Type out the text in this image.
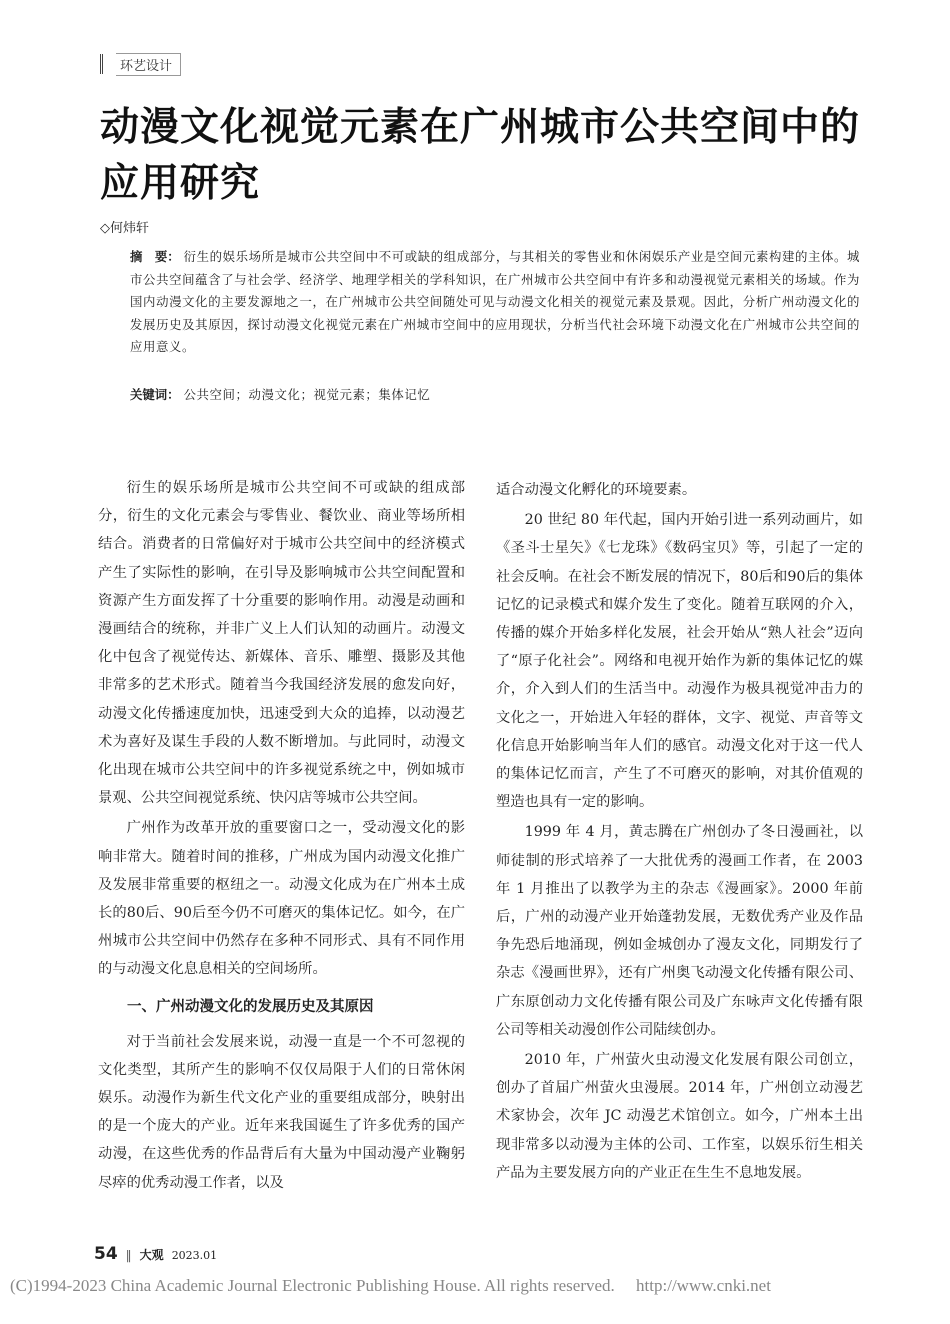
环艺设计
动漫文化视觉元素在广州城市公共空间中的应用研究
◇何炜轩
摘　要： 衍生的娱乐场所是城市公共空间中不可或缺的组成部分，与其相关的零售业和休闲娱乐产业是空间元素构建的主体。城市公共空间蕴含了与社会学、经济学、地理学相关的学科知识，在广州城市公共空间中有许多和动漫视觉元素相关的场域。作为国内动漫文化的主要发源地之一，在广州城市公共空间随处可见与动漫文化相关的视觉元素及景观。因此，分析广州动漫文化的发展历史及其原因，探讨动漫文化视觉元素在广州城市空间中的应用现状，分析当代社会环境下动漫文化在广州城市公共空间的应用意义。
关键词： 公共空间；动漫文化；视觉元素；集体记忆

衍生的娱乐场所是城市公共空间不可或缺的组成部分，衍生的文化元素会与零售业、餐饮业、商业等场所相结合。消费者的日常偏好对于城市公共空间中的经济模式产生了实际性的影响，在引导及影响城市公共空间配置和资源产生方面发挥了十分重要的影响作用。动漫是动画和漫画结合的统称，并非广义上人们认知的动画片。动漫文化中包含了视觉传达、新媒体、音乐、雕塑、摄影及其他非常多的艺术形式。随着当今我国经济发展的愈发向好，动漫文化传播速度加快，迅速受到大众的追捧，以动漫艺术为喜好及谋生手段的人数不断增加。与此同时，动漫文化出现在城市公共空间中的许多视觉系统之中，例如城市景观、公共空间视觉系统、快闪店等城市公共空间。

广州作为改革开放的重要窗口之一，受动漫文化的影响非常大。随着时间的推移，广州成为国内动漫文化推广及发展非常重要的枢纽之一。动漫文化成为在广州本土成长的80后、90后至今仍不可磨灭的集体记忆。如今，在广州城市公共空间中仍然存在多种不同形式、具有不同作用的与动漫文化息息相关的空间场所。

一、广州动漫文化的发展历史及其原因

对于当前社会发展来说，动漫一直是一个不可忽视的文化类型，其所产生的影响不仅仅局限于人们的日常休闲娱乐。动漫作为新生代文化产业的重要组成部分，映射出的是一个庞大的产业。近年来我国诞生了许多优秀的国产动漫，在这些优秀的作品背后有大量为中国动漫产业鞠躬尽瘁的优秀动漫工作者，以及

适合动漫文化孵化的环境要素。

20 世纪 80 年代起，国内开始引进一系列动画片，如《圣斗士星矢》《七龙珠》《数码宝贝》等，引起了一定的社会反响。在社会不断发展的情况下，80后和90后的集体记忆的记录模式和媒介发生了变化。随着互联网的介入，传播的媒介开始多样化发展，社会开始从“熟人社会”迈向了“原子化社会”。网络和电视开始作为新的集体记忆的媒介，介入到人们的生活当中。动漫作为极具视觉冲击力的文化之一，开始进入年轻的群体，文字、视觉、声音等文化信息开始影响当年人们的感官。动漫文化对于这一代人的集体记忆而言，产生了不可磨灭的影响，对其价值观的塑造也具有一定的影响。

1999 年 4 月，黄志腾在广州创办了冬日漫画社，以师徒制的形式培养了一大批优秀的漫画工作者，在 2003 年 1 月推出了以教学为主的杂志《漫画家》。2000 年前后，广州的动漫产业开始蓬勃发展，无数优秀产业及作品争先恐后地涌现，例如金城创办了漫友文化，同期发行了杂志《漫画世界》，还有广州奥飞动漫文化传播有限公司、广东原创动力文化传播有限公司及广东咏声文化传播有限公司等相关动漫创作公司陆续创办。

2010 年，广州萤火虫动漫文化发展有限公司创立，创办了首届广州萤火虫漫展。2014 年，广州创立动漫艺术家协会，次年 JC 动漫艺术馆创立。如今，广州本土出现非常多以动漫为主体的公司、工作室，以娱乐衍生相关产品为主要发展方向的产业正在生生不息地发展。

54 ‖ 大观 2023.01
(C)1994-2023 China Academic Journal Electronic Publishing House. All rights reserved.　 http://www.cnki.net
